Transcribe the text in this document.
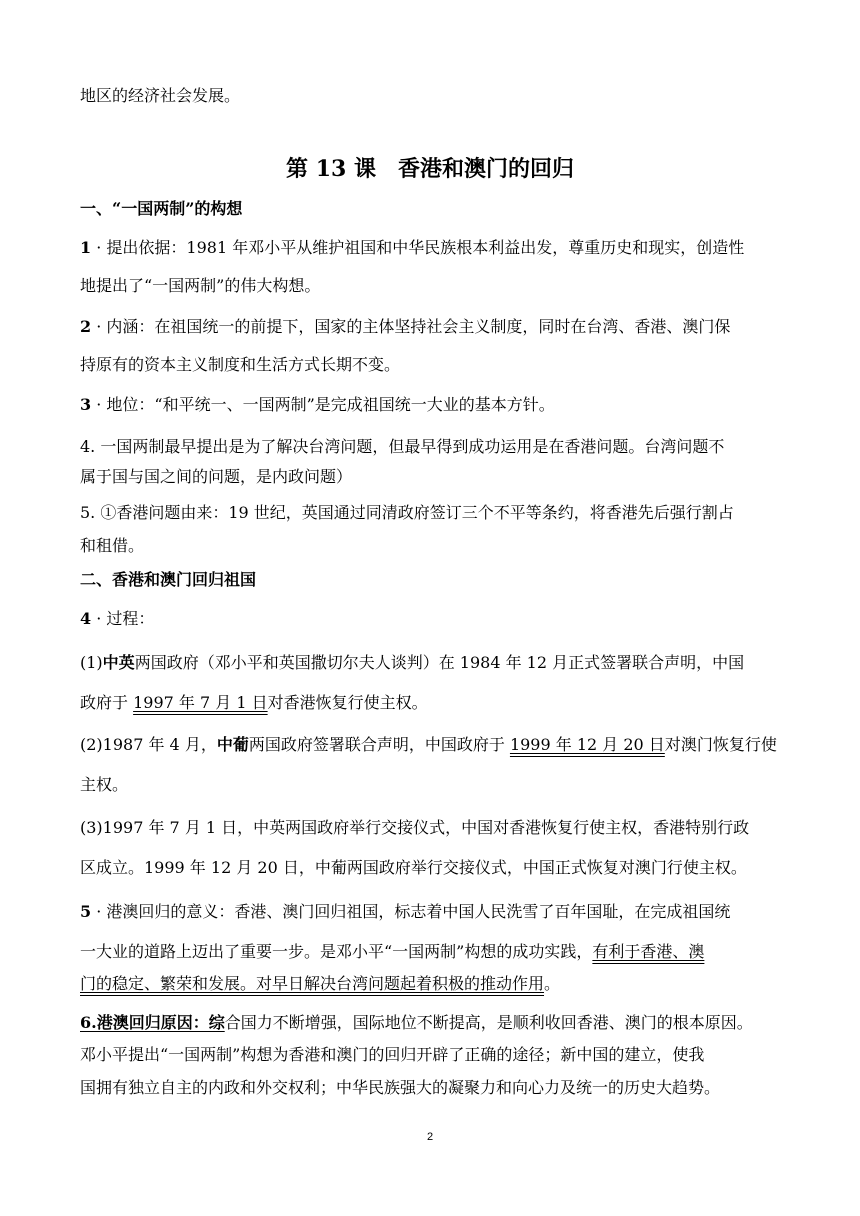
地区的经济社会发展。

第 13 课　香港和澳门的回归

一、“一国两制”的构想

1 · 提出依据：1981 年邓小平从维护祖国和中华民族根本利益出发，尊重历史和现实，创造性

地提出了“一国两制”的伟大构想。

2 · 内涵：在祖国统一的前提下，国家的主体坚持社会主义制度，同时在台湾、香港、澳门保

持原有的资本主义制度和生活方式长期不变。

3 · 地位：“和平统一、一国两制”是完成祖国统一大业的基本方针。

4. 一国两制最早提出是为了解决台湾问题，但最早得到成功运用是在香港问题。台湾问题不

属于国与国之间的问题，是内政问题）

5. ①香港问题由来：19 世纪，英国通过同清政府签订三个不平等条约，将香港先后强行割占

和租借。

二、香港和澳门回归祖国

4 · 过程：

(1)中英两国政府（邓小平和英国撒切尔夫人谈判）在 1984 年 12 月正式签署联合声明，中国

政府于 1997 年 7 月 1 日对香港恢复行使主权。

(2)1987 年 4 月，中葡两国政府签署联合声明，中国政府于 1999 年 12 月 20 日对澳门恢复行使

主权。

(3)1997 年 7 月 1 日，中英两国政府举行交接仪式，中国对香港恢复行使主权，香港特别行政

区成立。1999 年 12 月 20 日，中葡两国政府举行交接仪式，中国正式恢复对澳门行使主权。

5 · 港澳回归的意义：香港、澳门回归祖国，标志着中国人民洗雪了百年国耻，在完成祖国统

一大业的道路上迈出了重要一步。是邓小平“一国两制”构想的成功实践，有利于香港、澳

门的稳定、繁荣和发展。对早日解决台湾问题起着积极的推动作用。

6.港澳回归原因：综合国力不断增强，国际地位不断提高，是顺利收回香港、澳门的根本原因。

邓小平提出“一国两制”构想为香港和澳门的回归开辟了正确的途径；新中国的建立，使我

国拥有独立自主的内政和外交权利；中华民族强大的凝聚力和向心力及统一的历史大趋势。

2
